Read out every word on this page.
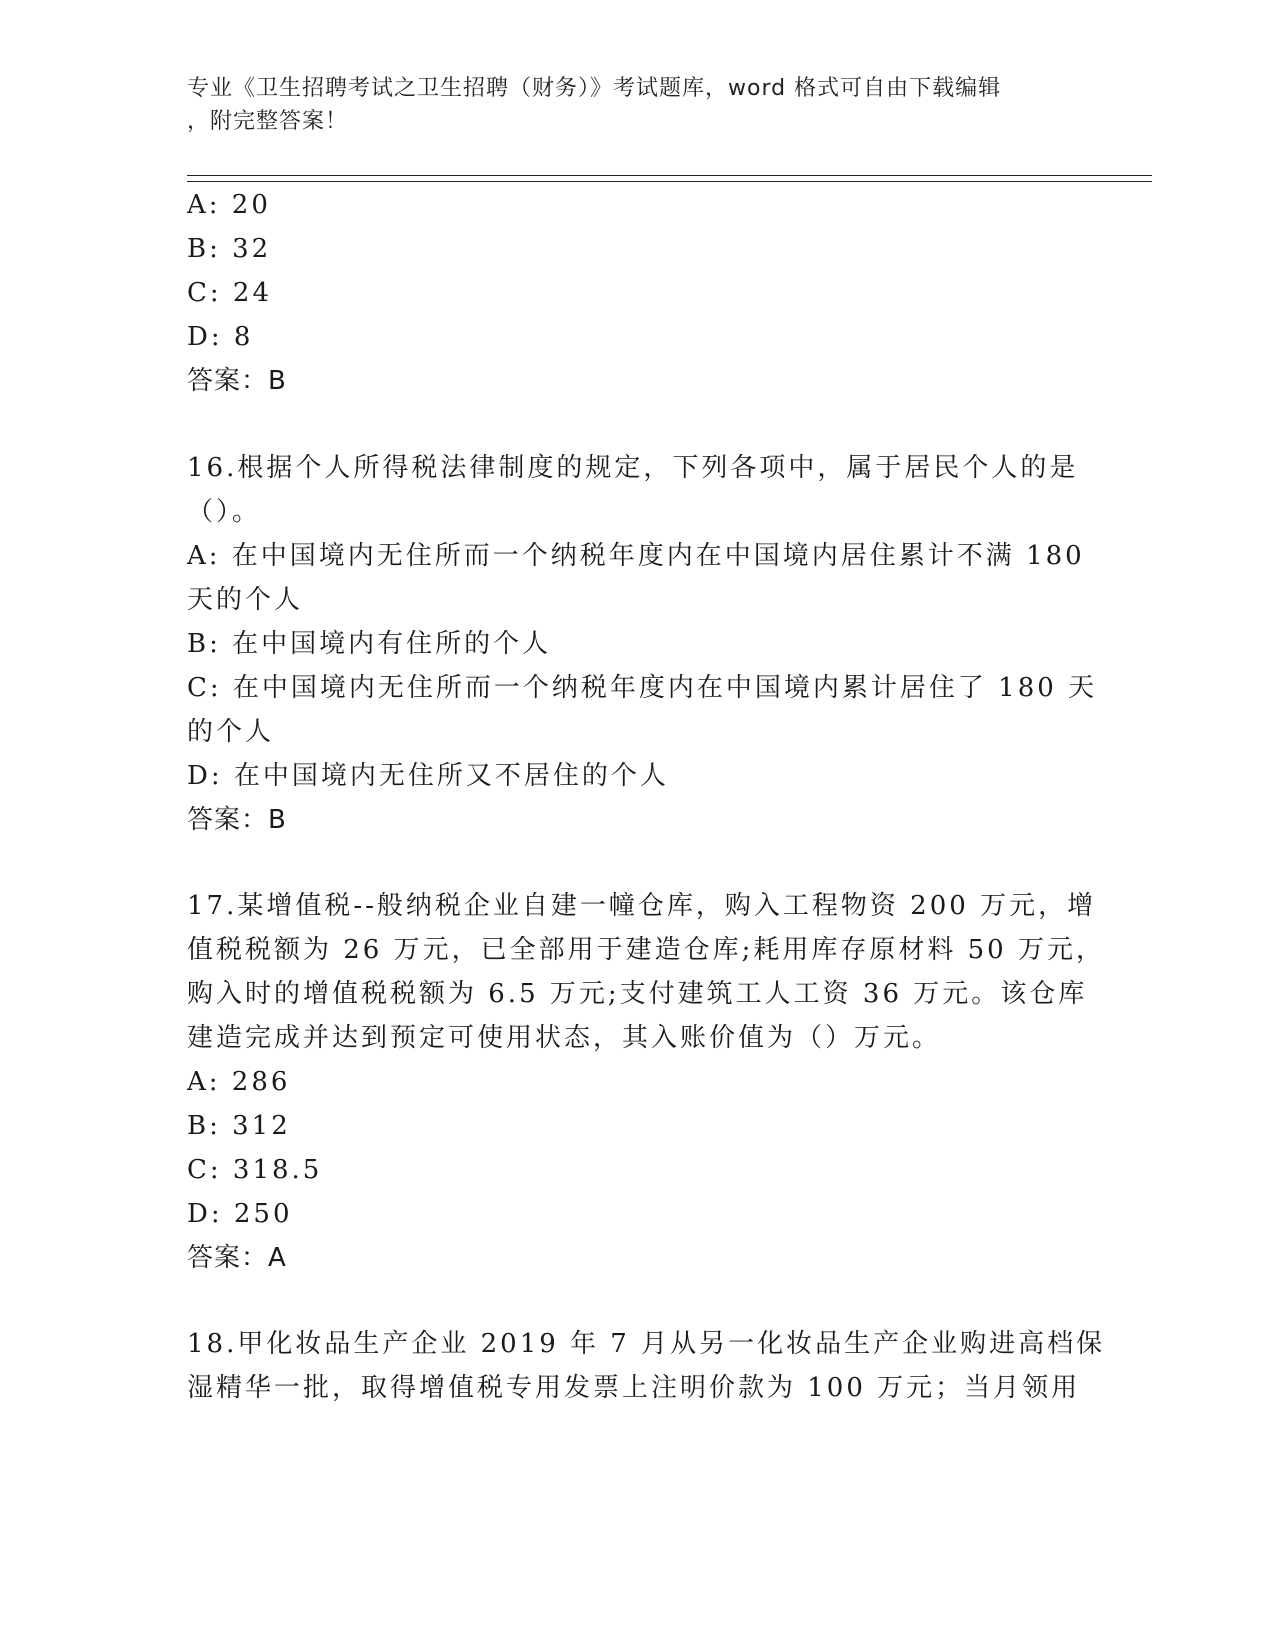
专业《卫生招聘考试之卫生招聘（财务）》考试题库，word 格式可自由下载编辑
，附完整答案！
A: 20
B: 32
C: 24
D: 8
答案：B
16.根据个人所得税法律制度的规定，下列各项中，属于居民个人的是
（）。
A: 在中国境内无住所而一个纳税年度内在中国境内居住累计不满 180
天的个人
B: 在中国境内有住所的个人
C: 在中国境内无住所而一个纳税年度内在中国境内累计居住了 180 天
的个人
D: 在中国境内无住所又不居住的个人
答案：B
17.某增值税--般纳税企业自建一幢仓库，购入工程物资 200 万元，增
值税税额为 26 万元，已全部用于建造仓库;耗用库存原材料 50 万元，
购入时的增值税税额为 6.5 万元;支付建筑工人工资 36 万元。该仓库
建造完成并达到预定可使用状态，其入账价值为（）万元。
A: 286
B: 312
C: 318.5
D: 250
答案：A
18.甲化妆品生产企业 2019 年 7 月从另一化妆品生产企业购进高档保
湿精华一批，取得增值税专用发票上注明价款为 100 万元；当月领用
